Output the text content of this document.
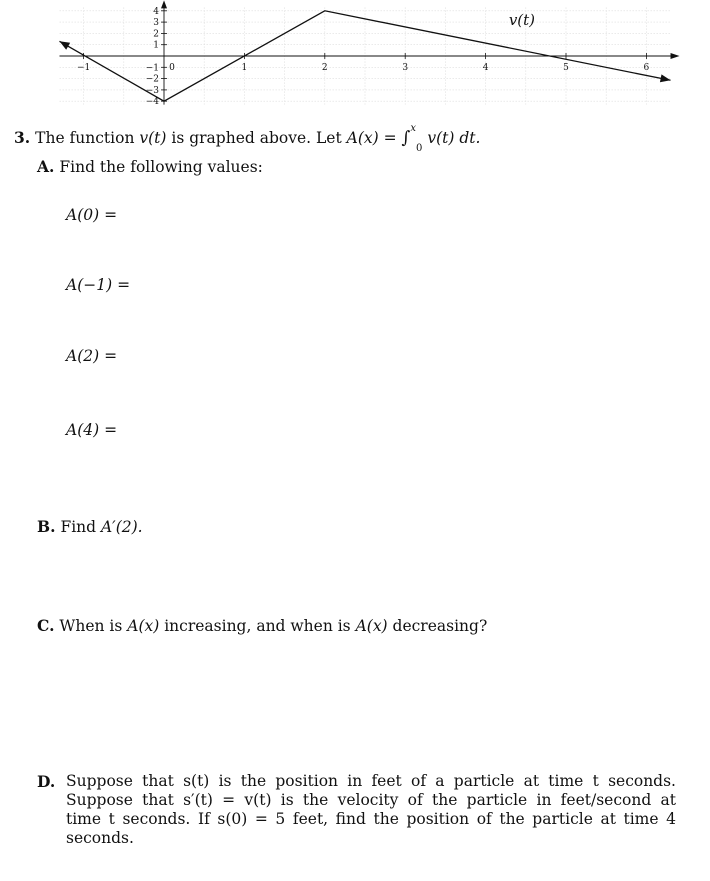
−1	0	1	2	3	4	5	6
4
3
2
1
−1
−2
−3
−4
v(t)
3. The function v(t) is graphed above. Let A(x) = ∫$^x_0$ v(t) dt.
A. Find the following values:
A(0) =
A(−1) =
A(2) =
A(4) =
B. Find A′(2).
C. When is A(x) increasing, and when is A(x) decreasing?
D. Suppose that s(t) is the position in feet of a particle at time t seconds.
Suppose that s′(t) = v(t) is the velocity of the particle in feet/second at
time t seconds. If s(0) = 5 feet, find the position of the particle at time 4
seconds.
